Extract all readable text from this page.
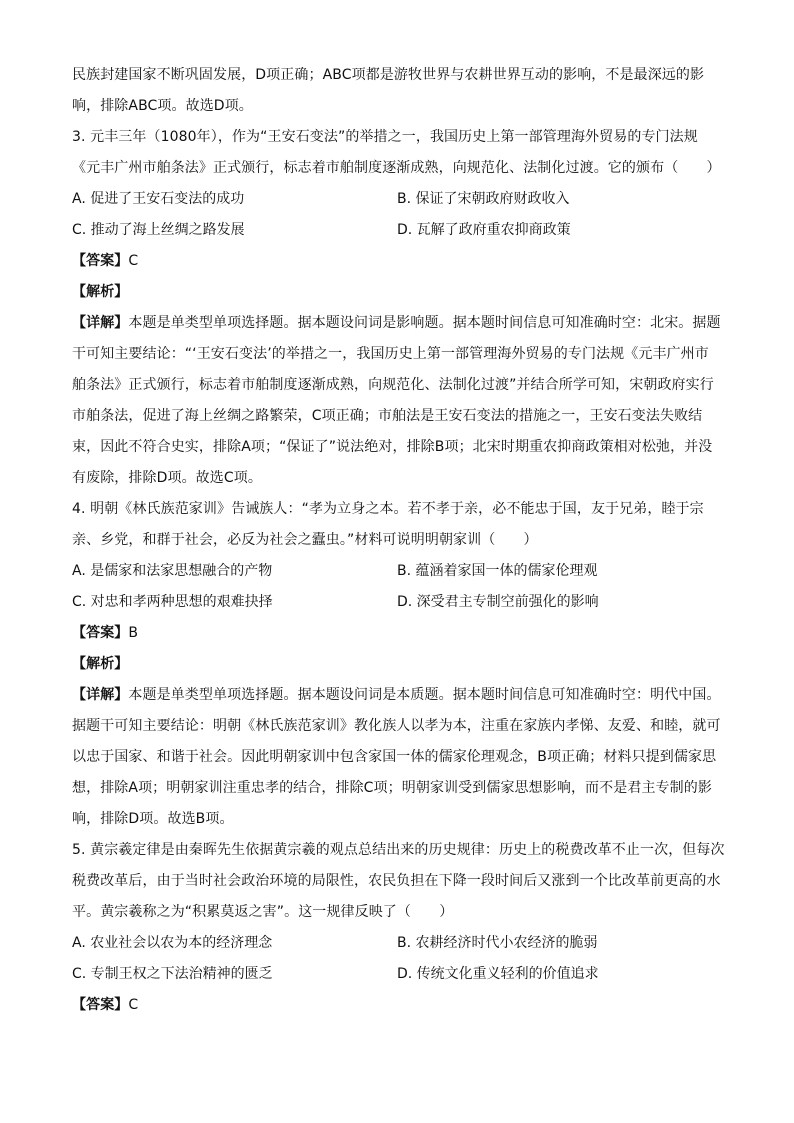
民族封建国家不断巩固发展，D项正确；ABC项都是游牧世界与农耕世界互动的影响，不是最深远的影
响，排除ABC项。故选D项。
3. 元丰三年（1080年），作为“王安石变法”的举措之一，我国历史上第一部管理海外贸易的专门法规
《元丰广州市舶条法》正式颁行，标志着市舶制度逐渐成熟，向规范化、法制化过渡。它的颁布（　　）
A. 促进了王安石变法的成功	B. 保证了宋朝政府财政收入
C. 推动了海上丝绸之路发展	D. 瓦解了政府重农抑商政策
【答案】C
【解析】
【详解】本题是单类型单项选择题。据本题设问词是影响题。据本题时间信息可知准确时空：北宋。据题
干可知主要结论：“‘王安石变法’的举措之一，我国历史上第一部管理海外贸易的专门法规《元丰广州市
舶条法》正式颁行，标志着市舶制度逐渐成熟，向规范化、法制化过渡”并结合所学可知，宋朝政府实行
市舶条法，促进了海上丝绸之路繁荣，C项正确；市舶法是王安石变法的措施之一，王安石变法失败结
束，因此不符合史实，排除A项；“保证了”说法绝对，排除B项；北宋时期重农抑商政策相对松弛，并没
有废除，排除D项。故选C项。
4. 明朝《林氏族范家训》告诫族人：“孝为立身之本。若不孝于亲，必不能忠于国，友于兄弟，睦于宗
亲、乡党，和群于社会，必反为社会之蠹虫。”材料可说明明朝家训（　　）
A. 是儒家和法家思想融合的产物	B. 蕴涵着家国一体的儒家伦理观
C. 对忠和孝两种思想的艰难抉择	D. 深受君主专制空前强化的影响
【答案】B
【解析】
【详解】本题是单类型单项选择题。据本题设问词是本质题。据本题时间信息可知准确时空：明代中国。
据题干可知主要结论：明朝《林氏族范家训》教化族人以孝为本，注重在家族内孝悌、友爱、和睦，就可
以忠于国家、和谐于社会。因此明朝家训中包含家国一体的儒家伦理观念，B项正确；材料只提到儒家思
想，排除A项；明朝家训注重忠孝的结合，排除C项；明朝家训受到儒家思想影响，而不是君主专制的影
响，排除D项。故选B项。
5. 黄宗羲定律是由秦晖先生依据黄宗羲的观点总结出来的历史规律：历史上的税费改革不止一次，但每次
税费改革后，由于当时社会政治环境的局限性，农民负担在下降一段时间后又涨到一个比改革前更高的水
平。黄宗羲称之为“积累莫返之害”。这一规律反映了（　　）
A. 农业社会以农为本的经济理念	B. 农耕经济时代小农经济的脆弱
C. 专制王权之下法治精神的匮乏	D. 传统文化重义轻利的价值追求
【答案】C
